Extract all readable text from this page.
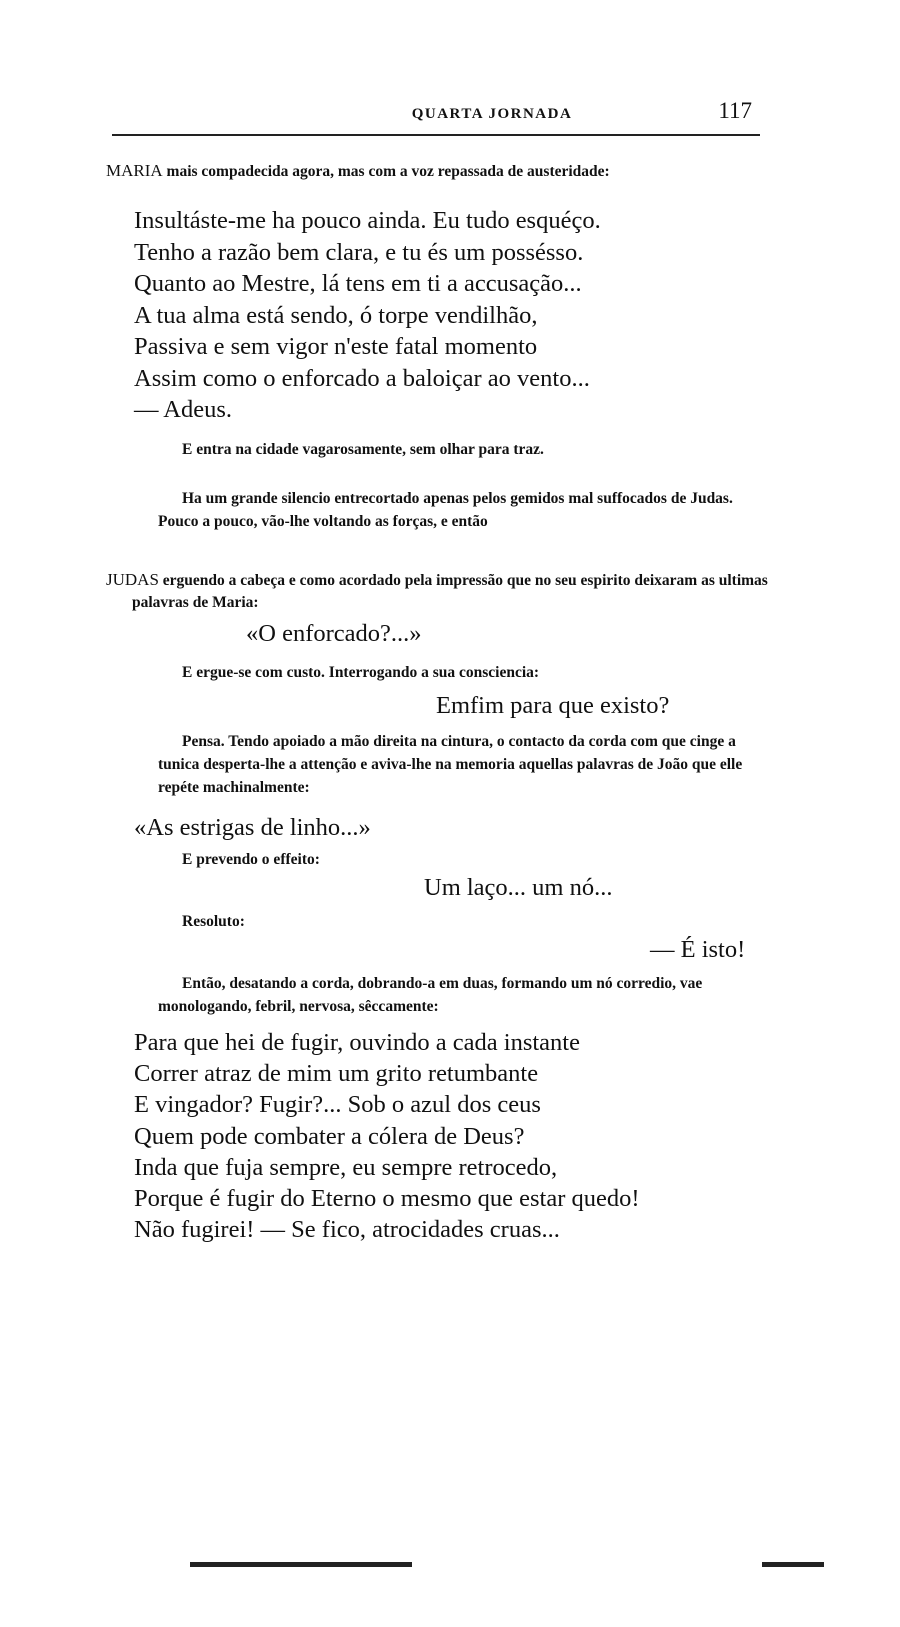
QUARTA JORNADA	117
MARIA mais compadecida agora, mas com a voz repassada de austeridade:
Insultáste-me ha pouco ainda. Eu tudo esquéço.
Tenho a razão bem clara, e tu és um possésso.
Quanto ao Mestre, lá tens em ti a accusação...
A tua alma está sendo, ó torpe vendilhão,
Passiva e sem vigor n'este fatal momento
Assim como o enforcado a baloiçar ao vento...
— Adeus.
E entra na cidade vagarosamente, sem olhar para traz.
Ha um grande silencio entrecortado apenas pelos gemidos mal suffocados de Judas. Pouco a pouco, vão-lhe voltando as forças, e então
JUDAS erguendo a cabeça e como acordado pela impressão que no seu espirito deixaram as ultimas palavras de Maria:
«O enforcado?...»
E ergue-se com custo. Interrogando a sua consciencia:
Emfim para que existo?
Pensa. Tendo apoiado a mão direita na cintura, o contacto da corda com que cinge a tunica desperta-lhe a attenção e aviva-lhe na memoria aquellas palavras de João que elle repéte machinalmente:
«As estrigas de linho...»
E prevendo o effeito:
Um laço... um nó...
Resoluto:
— É isto!
Então, desatando a corda, dobrando-a em duas, formando um nó corredio, vae monologando, febril, nervosa, sêccamente:
Para que hei de fugir, ouvindo a cada instante
Correr atraz de mim um grito retumbante
E vingador? Fugir?... Sob o azul dos ceus
Quem pode combater a cólera de Deus?
Inda que fuja sempre, eu sempre retrocedo,
Porque é fugir do Eterno o mesmo que estar quedo!
Não fugirei! — Se fico, atrocidades cruas...
